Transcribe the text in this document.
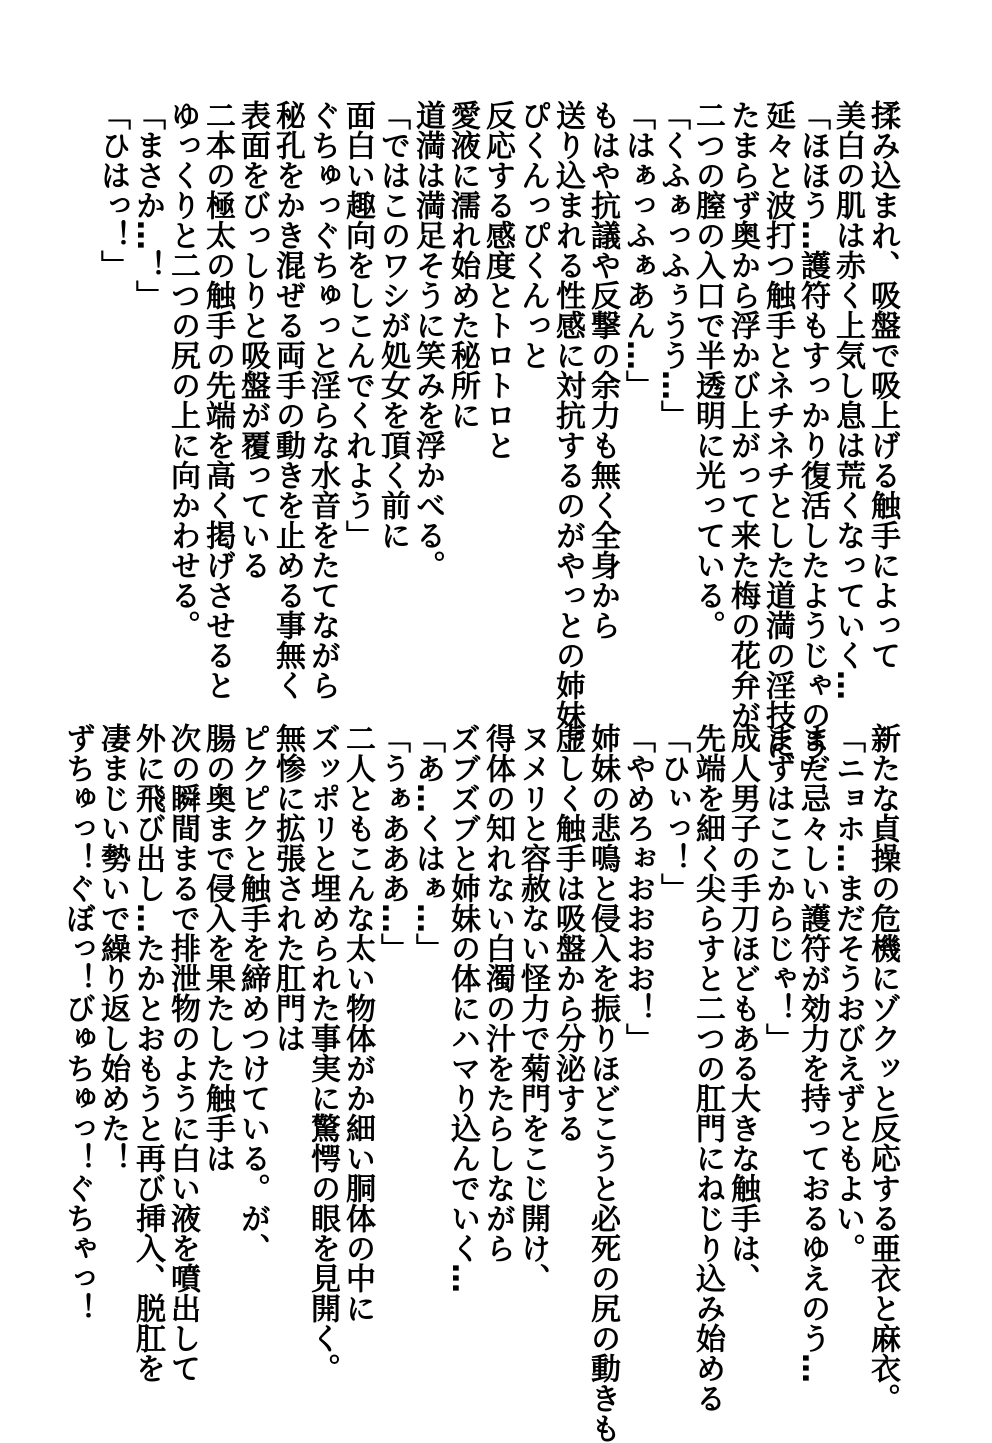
揉み込まれ、吸盤で吸上げる触手によって
美白の肌は赤く上気し息は荒くなっていく…
「ほほう…護符もすっかり復活したようじゃのう」
延々と波打つ触手とネチネチとした道満の淫技に
たまらず奥から浮かび上がって来た梅の花弁が
二つの膣の入口で半透明に光っている。
「くふぁっふぅうう…」
「はぁっふぁあん…」
もはや抗議や反撃の余力も無く全身から
送り込まれる性感に対抗するのがやっとの姉妹。
ぴくんっぴくんっと
反応する感度とトロトロと
愛液に濡れ始めた秘所に
道満は満足そうに笑みを浮かべる。
「ではこのワシが処女を頂く前に
面白い趣向をしこんでくれよう」
ぐちゅっぐちゅっと淫らな水音をたてながら
秘孔をかき混ぜる両手の動きを止める事無く
表面をびっしりと吸盤が覆っている
二本の極太の触手の先端を高く掲げさせると
ゆっくりと二つの尻の上に向かわせる。
「まさか…！」
「ひはっ！」
新たな貞操の危機にゾクッと反応する亜衣と麻衣。
「ニョホ…まだそうおびえずともよい。
まだ忌々しい護符が効力を持っておるゆえのう…
まずはここからじゃ！」
成人男子の手刀ほどもある大きな触手は、
先端を細く尖らすと二つの肛門にねじり込み始める
「ひぃっ！」
「やめろぉおおおお！」
姉妹の悲鳴と侵入を振りほどこうと必死の尻の動きも
虚しく触手は吸盤から分泌する
ヌメリと容赦ない怪力で菊門をこじ開け、
得体の知れない白濁の汁をたらしながら
ズブズブと姉妹の体にハマり込んでいく…
「あ…くはぁ…」
「うぁあああ…」
二人ともこんな太い物体がか細い胴体の中に
ズッポリと埋められた事実に驚愕の眼を見開く。
無惨に拡張された肛門は
ピクピクと触手を締めつけている。が、
腸の奥まで侵入を果たした触手は
次の瞬間まるで排泄物のように白い液を噴出して
外に飛び出し…たかとおもうと再び挿入、脱肛を
凄まじい勢いで繰り返し始めた！
ずちゅっ！ぐぼっ！びゅちゅっ！ぐちゃっ！
